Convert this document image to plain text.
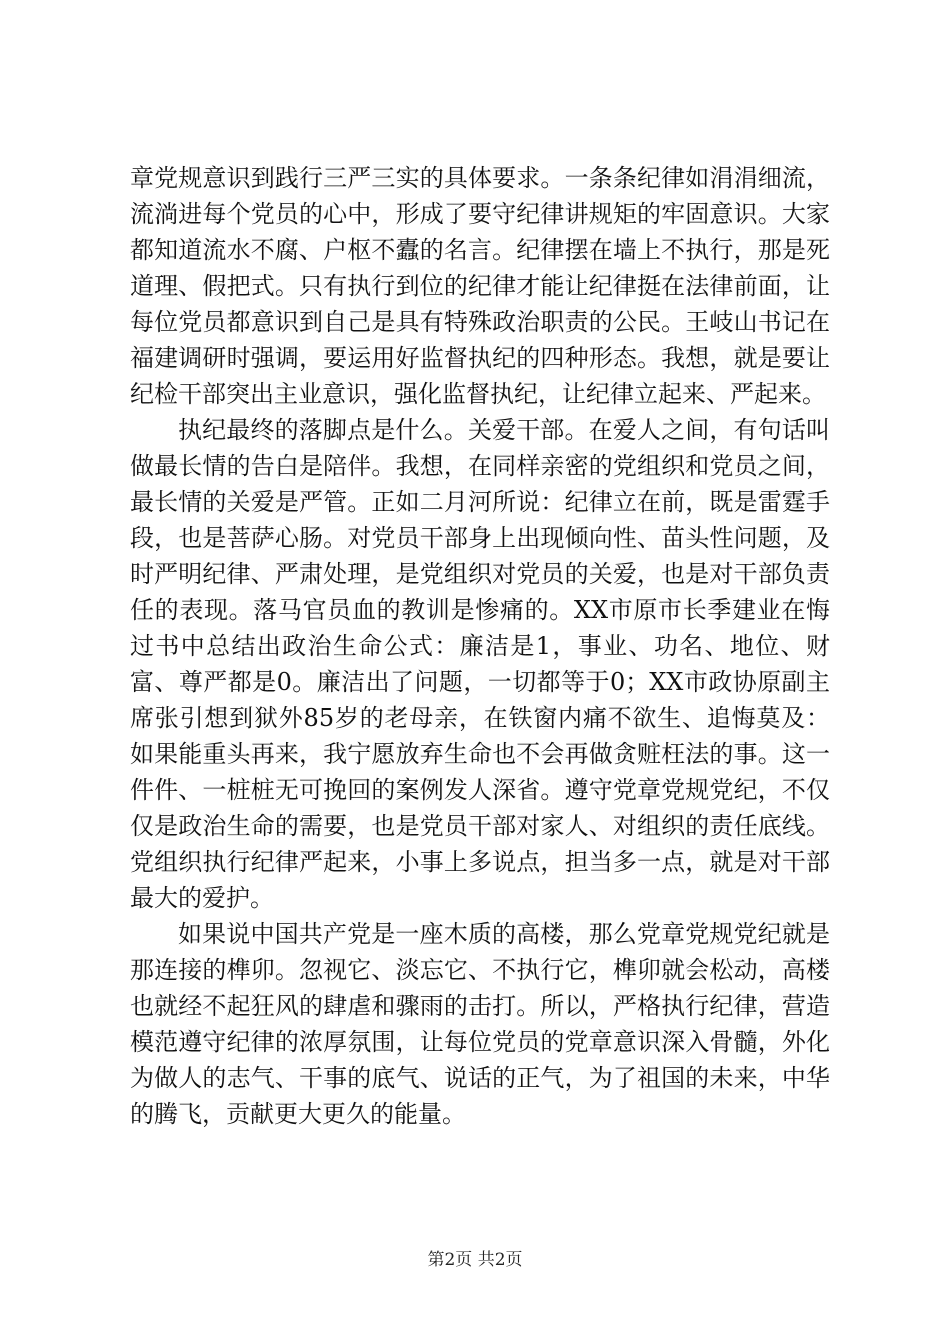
章党规意识到践行三严三实的具体要求。一条条纪律如涓涓细流，流淌进每个党员的心中，形成了要守纪律讲规矩的牢固意识。大家都知道流水不腐、户枢不蠹的名言。纪律摆在墙上不执行，那是死道理、假把式。只有执行到位的纪律才能让纪律挺在法律前面，让每位党员都意识到自己是具有特殊政治职责的公民。王岐山书记在福建调研时强调，要运用好监督执纪的四种形态。我想，就是要让纪检干部突出主业意识，强化监督执纪，让纪律立起来、严起来。

执纪最终的落脚点是什么。关爱干部。在爱人之间，有句话叫做最长情的告白是陪伴。我想，在同样亲密的党组织和党员之间，最长情的关爱是严管。正如二月河所说：纪律立在前，既是雷霆手段，也是菩萨心肠。对党员干部身上出现倾向性、苗头性问题，及时严明纪律、严肃处理，是党组织对党员的关爱，也是对干部负责任的表现。落马官员血的教训是惨痛的。XX市原市长季建业在悔过书中总结出政治生命公式：廉洁是1，事业、功名、地位、财富、尊严都是0。廉洁出了问题，一切都等于0；XX市政协原副主席张引想到狱外85岁的老母亲，在铁窗内痛不欲生、追悔莫及：如果能重头再来，我宁愿放弃生命也不会再做贪赃枉法的事。这一件件、一桩桩无可挽回的案例发人深省。遵守党章党规党纪，不仅仅是政治生命的需要，也是党员干部对家人、对组织的责任底线。党组织执行纪律严起来，小事上多说点，担当多一点，就是对干部最大的爱护。

如果说中国共产党是一座木质的高楼，那么党章党规党纪就是那连接的榫卯。忽视它、淡忘它、不执行它，榫卯就会松动，高楼也就经不起狂风的肆虐和骤雨的击打。所以，严格执行纪律，营造模范遵守纪律的浓厚氛围，让每位党员的党章意识深入骨髓，外化为做人的志气、干事的底气、说话的正气，为了祖国的未来，中华的腾飞，贡献更大更久的能量。

第2页 共2页
